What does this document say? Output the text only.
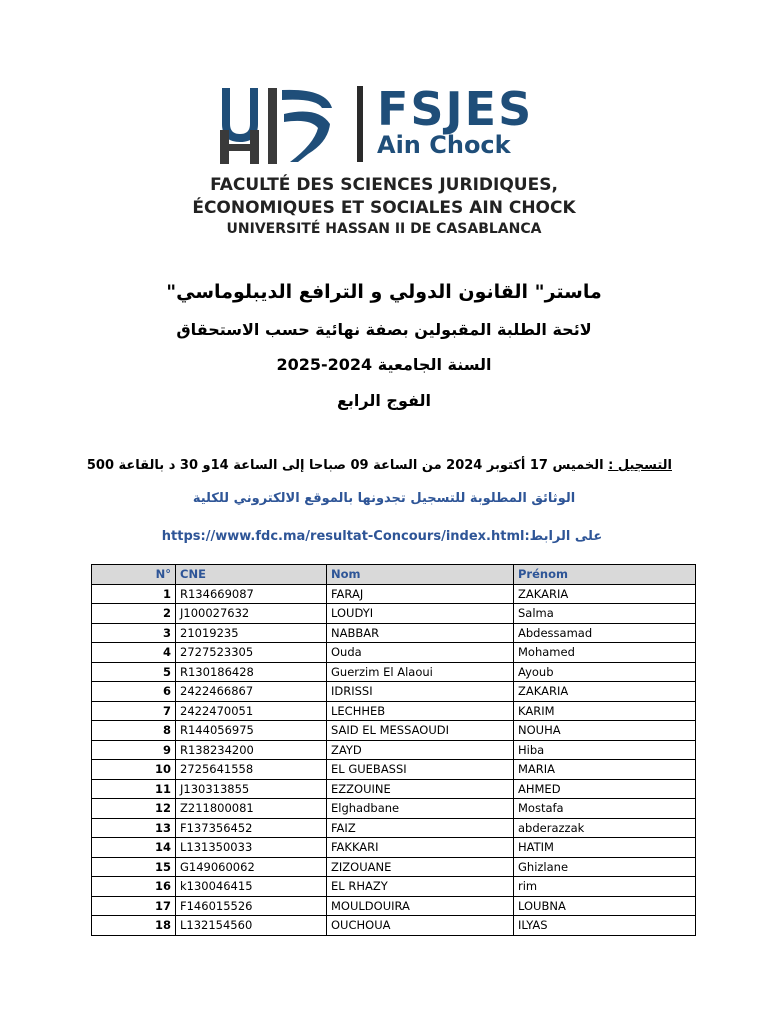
FSJES
Ain Chock
FACULTÉ DES SCIENCES JURIDIQUES,
ÉCONOMIQUES ET SOCIALES AIN CHOCK
UNIVERSITÉ HASSAN II DE CASABLANCA
ماستر" القانون الدولي و الترافع الديبلوماسي"
لائحة الطلبة المقبولين بصفة نهائية حسب الاستحقاق
السنة الجامعية 2024-2025
الفوج الرابع
التسجيل : الخميس 17 أكتوبر 2024 من الساعة 09 صباحا إلى الساعة 14و 30 د بالقاعة 500
الوثائق المطلوبة للتسجيل تجدونها بالموقع الالكتروني للكلية
https://www.fdc.ma/resultat-Concours/index.htmlعلى الرابط:
N°	CNE	Nom	Prénom
1	R134669087	FARAJ	ZAKARIA
2	J100027632	LOUDYI	Salma
3	21019235	NABBAR	Abdessamad
4	2727523305	Ouda	Mohamed
5	R130186428	Guerzim El Alaoui	Ayoub
6	2422466867	IDRISSI	ZAKARIA
7	2422470051	LECHHEB	KARIM
8	R144056975	SAID EL MESSAOUDI	NOUHA
9	R138234200	ZAYD	Hiba
10	2725641558	EL GUEBASSI	MARIA
11	J130313855	EZZOUINE	AHMED
12	Z211800081	Elghadbane	Mostafa
13	F137356452	FAIZ	abderazzak
14	L131350033	FAKKARI	HATIM
15	G149060062	ZIZOUANE	Ghizlane
16	k130046415	EL RHAZY	rim
17	F146015526	MOULDOUIRA	LOUBNA
18	L132154560	OUCHOUA	ILYAS
